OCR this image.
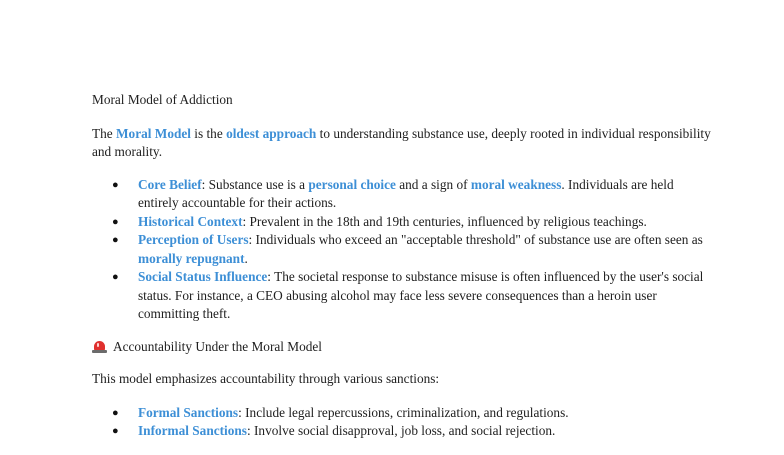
Moral Model of Addiction

The Moral Model is the oldest approach to understanding substance use, deeply rooted in individual responsibility and morality.

● Core Belief: Substance use is a personal choice and a sign of moral weakness. Individuals are held entirely accountable for their actions.
● Historical Context: Prevalent in the 18th and 19th centuries, influenced by religious teachings.
● Perception of Users: Individuals who exceed an "acceptable threshold" of substance use are often seen as morally repugnant.
● Social Status Influence: The societal response to substance misuse is often influenced by the user's social status. For instance, a CEO abusing alcohol may face less severe consequences than a heroin user committing theft.

Accountability Under the Moral Model

This model emphasizes accountability through various sanctions:

● Formal Sanctions: Include legal repercussions, criminalization, and regulations.
● Informal Sanctions: Involve social disapproval, job loss, and social rejection.
